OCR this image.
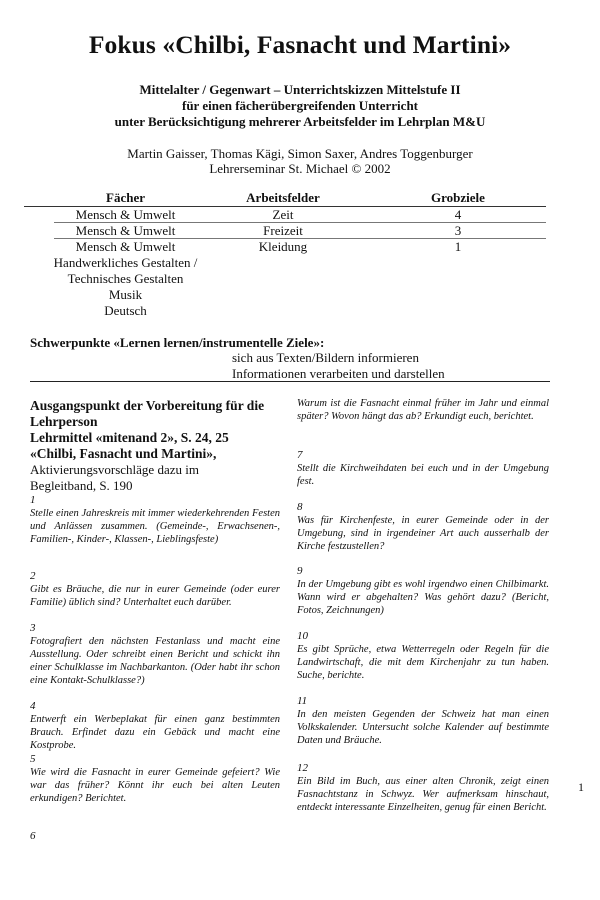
Fokus «Chilbi, Fasnacht und Martini»
Mittelalter / Gegenwart – Unterrichtskizzen Mittelstufe II
für einen fächerübergreifenden Unterricht
unter Berücksichtigung mehrerer Arbeitsfelder im Lehrplan M&U
Martin Gaisser, Thomas Kägi, Simon Saxer, Andres Toggenburger
Lehrerseminar St. Michael © 2002
Fächer	Arbeitsfelder	Grobziele
Mensch & Umwelt	Zeit	4
Mensch & Umwelt	Freizeit	3
Mensch & Umwelt	Kleidung	1
Handwerkliches Gestalten /
Technisches Gestalten
Musik
Deutsch
Schwerpunkte «Lernen lernen/instrumentelle Ziele»:
sich aus Texten/Bildern informieren
Informationen verarbeiten und darstellen
Ausgangspunkt der Vorbereitung für die
Lehrperson
Lehrmittel «mitenand 2», S. 24, 25
«Chilbi, Fasnacht und Martini»,
Aktivierungsvorschläge dazu im
Begleitband, S. 190
1
Stelle einen Jahreskreis mit immer wiederkehrenden Festen und Anlässen zusammen. (Gemeinde-, Erwachsenen-, Familien-, Kinder-, Klassen-, Lieblingsfeste)
2
Gibt es Bräuche, die nur in eurer Gemeinde (oder eurer Familie) üblich sind? Unterhaltet euch darüber.
3
Fotografiert den nächsten Festanlass und macht eine Ausstellung. Oder schreibt einen Bericht und schickt ihn einer Schulklasse im Nachbarkanton. (Oder habt ihr schon eine Kontakt-Schulklasse?)
4
Entwerft ein Werbeplakat für einen ganz bestimmten Brauch. Erfindet dazu ein Gebäck und macht eine Kostprobe.
5
Wie wird die Fasnacht in eurer Gemeinde gefeiert? Wie war das früher? Könnt ihr euch bei alten Leuten erkundigen? Berichtet.
6
Warum ist die Fasnacht einmal früher im Jahr und einmal später? Wovon hängt das ab? Erkundigt euch, berichtet.
7
Stellt die Kirchweihdaten bei euch und in der Umgebung fest.
8
Was für Kirchenfeste, in eurer Gemeinde oder in der Umgebung, sind in irgendeiner Art auch ausserhalb der Kirche festzustellen?
9
In der Umgebung gibt es wohl irgendwo einen Chilbimarkt. Wann wird er abgehalten? Was gehört dazu? (Bericht, Fotos, Zeichnungen)
10
Es gibt Sprüche, etwa Wetterregeln oder Regeln für die Landwirtschaft, die mit dem Kirchenjahr zu tun haben. Suche, berichte.
11
In den meisten Gegenden der Schweiz hat man einen Volkskalender. Untersucht solche Kalender auf bestimmte Daten und Bräuche.
12
Ein Bild im Buch, aus einer alten Chronik, zeigt einen Fasnachtstanz in Schwyz. Wer aufmerksam hinschaut, entdeckt interessante Einzelheiten, genug für einen Bericht.
1
